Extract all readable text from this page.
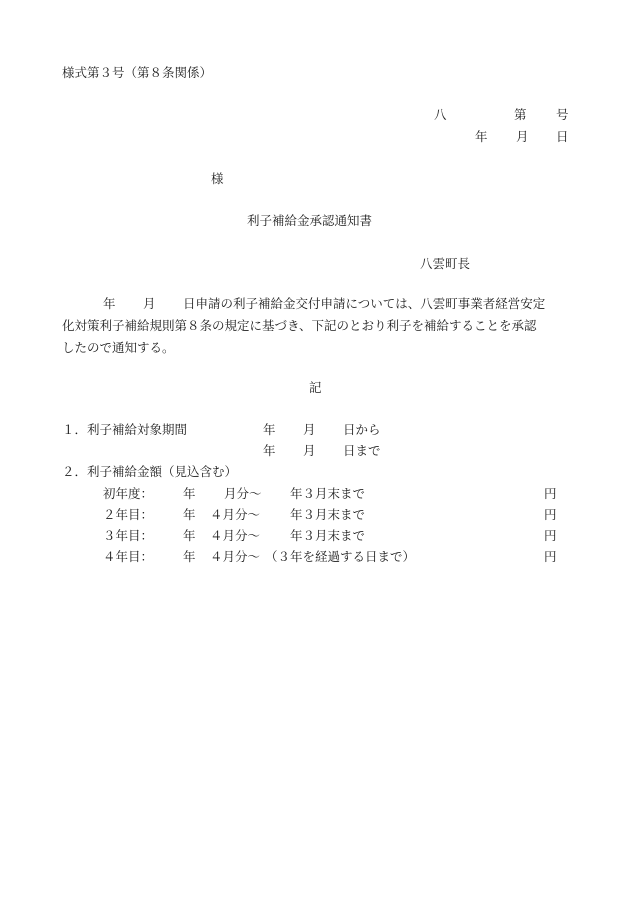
様式第３号（第８条関係）
八	第 号
年 月 日
様
利子補給金承認通知書
八雲町長
年 月 日申請の利子補給金交付申請については、八雲町事業者経営安定
化対策利子補給規則第８条の規定に基づき、下記のとおり利子を補給することを承認
したので通知する。
記
１．利子補給対象期間	年 月 日から
年 月 日まで
２．利子補給金額（見込含む）
初年度： 年 月分～ 年３月末まで	円
２年目： 年 ４月分～ 年３月末まで	円
３年目： 年 ４月分～ 年３月末まで	円
４年目： 年 ４月分～ （３年を経過する日まで）	円
